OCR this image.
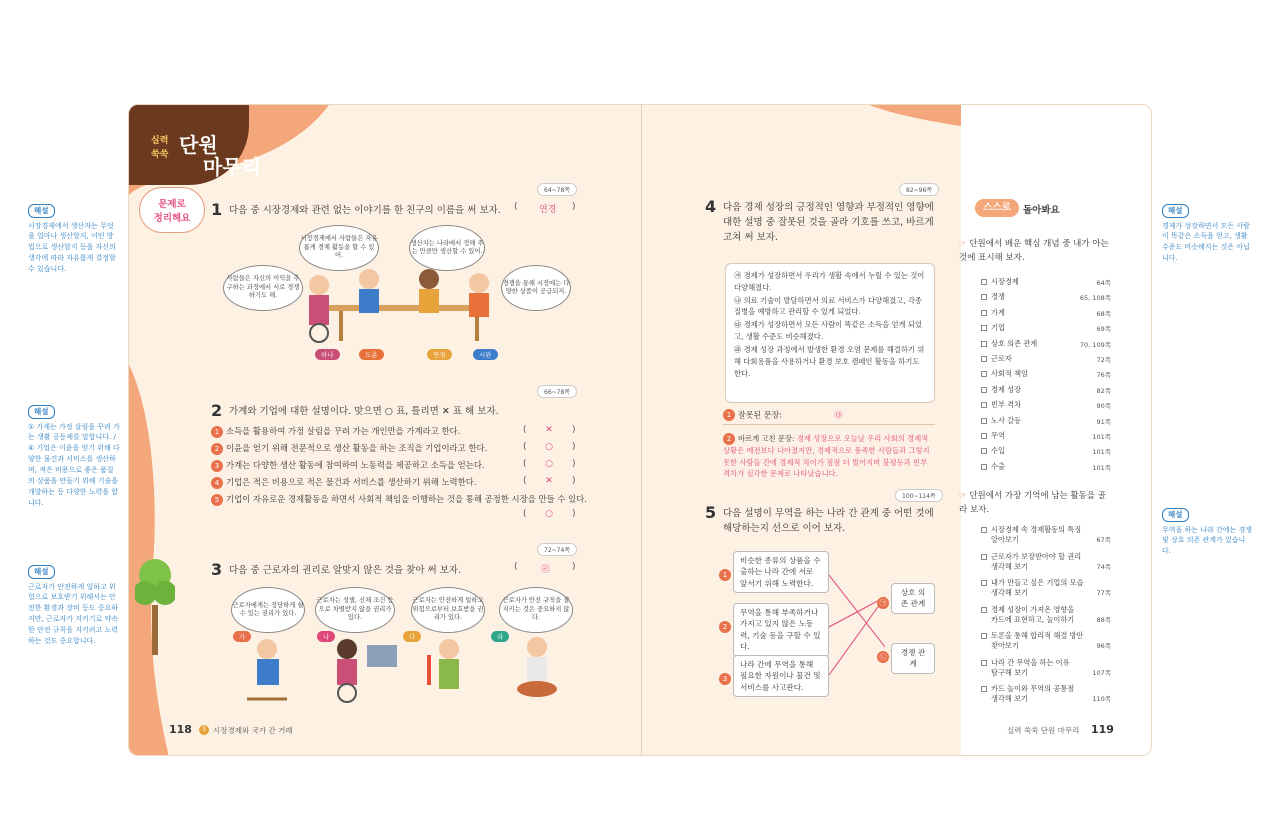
해설

시장경제에서 생산자는 무엇을 얼마나 생산할지, 어떤 방법으로 생산할지 등을 자신의 생각에 따라 자유롭게 결정할 수 있습니다.

해설

① 가계는 가정 살림을 꾸려 가는 생활 공동체를 말합니다. / ④ 기업은 이윤을 얻기 위해 다양한 물건과 서비스를 생산하며, 적은 비용으로 좋은 품질의 상품을 만들기 위해 기술을 개발하는 등 다양한 노력을 합니다.

해설

근로자가 안전하게 일하고 위험으로 보호받기 위해서는 안전한 환경과 장비 등도 중요하지만, 근로자가 지키기로 약속한 안전 규칙을 지키려고 노력하는 것도 중요합니다.

해설

경제가 성장하면서 모든 사람이 똑같은 소득을 얻고, 생활 수준도 비슷해지는 것은 아닙니다.

해설

무역을 하는 나라 간에는 경쟁 및 상호 의존 관계가 있습니다.

실력
쑥쑥 단원
마무리
문제로
정리해요
64~78쪽
1 다음 중 시장경제와 관련 없는 이야기를 한 친구의 이름을 써 보자. ( 연경 )
사람들은 자신의 이익을 추구하는 과정에서 서로 경쟁하기도 해.
시장경제에서 사람들은 자유롭게 경제 활동을 할 수 있어.
생산자는 나라에서 정해 주는 만큼만 생산할 수 있어.
경쟁을 통해 시장에는 다양한 상품이 공급되지.
하나	도훈	연경	시완
66~78쪽
2 가계와 기업에 대한 설명이다. 맞으면 ○ 표, 틀리면 ✕ 표 해 보자.
1 소득을 활용하여 가정 살림을 꾸려 가는 개인만을 가계라고 한다.	(	✕	)
2 이윤을 얻기 위해 전문적으로 생산 활동을 하는 조직을 기업이라고 한다.	(	○	)
3 가계는 다양한 생산 활동에 참여하여 노동력을 제공하고 소득을 얻는다.	(	○	)
4 기업은 적은 비용으로 적은 물건과 서비스를 생산하기 위해 노력한다.	(	✕	)
5 기업이 자유로운 경제활동을 하면서 사회적 책임을 이행하는 것을 통해 공정한 시장을 만들 수 있다.
(	○	)
72~74쪽
3 다음 중 근로자의 권리로 알맞지 않은 것을 찾아 써 보자.	(	㉣ )
근로자에게는 정당하게 쉴 수 있는 권리가 있다.
근로자는 성별, 신체 조건 등으로 차별받지 않을 권리가 있다.
근로자는 안전하게 일하고 위험으로부터 보호받을 권리가 있다.
근로자가 안전 규칙을 잘 지키는 것은 중요하지 않다.
가	나	다	라
118	3 시장경제와 국가 간 거래
82~96쪽
4 다음 경제 성장의 긍정적인 영향과 부정적인 영향에 대한 설명 중 잘못된 것을 골라 기호를 쓰고, 바르게 고쳐 써 보자.

㉮ 경제가 성장하면서 우리가 생활 속에서 누릴 수 있는 것이 다양해졌다.

㉯ 의료 기술이 발달하면서 의료 서비스가 다양해졌고, 각종 질병을 예방하고 관리할 수 있게 되었다.

㉰ 경제가 성장하면서 모든 사람이 똑같은 소득을 얻게 되었고, 생활 수준도 비슷해졌다.

㉱ 경제 성장 과정에서 발생한 환경 오염 문제를 해결하기 위해 다회용품을 사용하거나 환경 보호 캠페인 활동을 하기도 한다.

1 잘못된 문장:	㉰
2 바르게 고친 문장: 경제 성장으로 오늘날 우리 사회의 경제적 상황은 예전보다 나아졌지만, 경제적으로 풍족한 사람들과 그렇지 못한 사람들 간에 경제적 차이가 점점 더 벌어지며 불평등과 빈부 격차가 심각한 문제로 나타났습니다.
100~114쪽
5 다음 설명이 무역을 하는 나라 간 관계 중 어떤 것에 해당하는지 선으로 이어 보자.
1
비슷한 종류의 상품을 수출하는 나라 간에 서로 앞서기 위해 노력한다.
2
무역을 통해 부족하거나 가지고 있지 않은 노동력, 기술 등을 구할 수 있다.
3
나라 간에 무역을 통해 필요한 자원이나 물건 및 서비스를 사고판다.
㉠
상호 의존 관계
㉡	경쟁 관계
스스로	돌아봐요
☞ 단원에서 배운 핵심 개념 중 내가 아는 것에 표시해 보자.
☞ 단원에서 가장 기억에 남는 활동을 골라 보자.
실력 쑥쑥 단원 마무리 119
시장경제	64쪽
경쟁	65, 108쪽
가계	68쪽
기업	69쪽
상호 의존 관계	70, 109쪽
근로자	72쪽
사회적 책임	76쪽
경제 성장	82쪽
빈부 격차	90쪽
노사 갈등	91쪽
무역	101쪽
수입	101쪽
수출	101쪽
시장경제 속 경제활동의 특징
알아보기	67쪽
근로자가 보장받아야 할 권리
생각해 보기	74쪽
내가 만들고 싶은 기업의 모습
생각해 보기	77쪽
경제 성장이 가져온 영향을
카드에 표현하고, 놀이하기	88쪽
토론을 통해 합리적 해결 방안
찾아보기	96쪽
나라 간 무역을 하는 이유
탐구해 보기	107쪽
카드 놀이와 무역의 공통점
생각해 보기	110쪽
